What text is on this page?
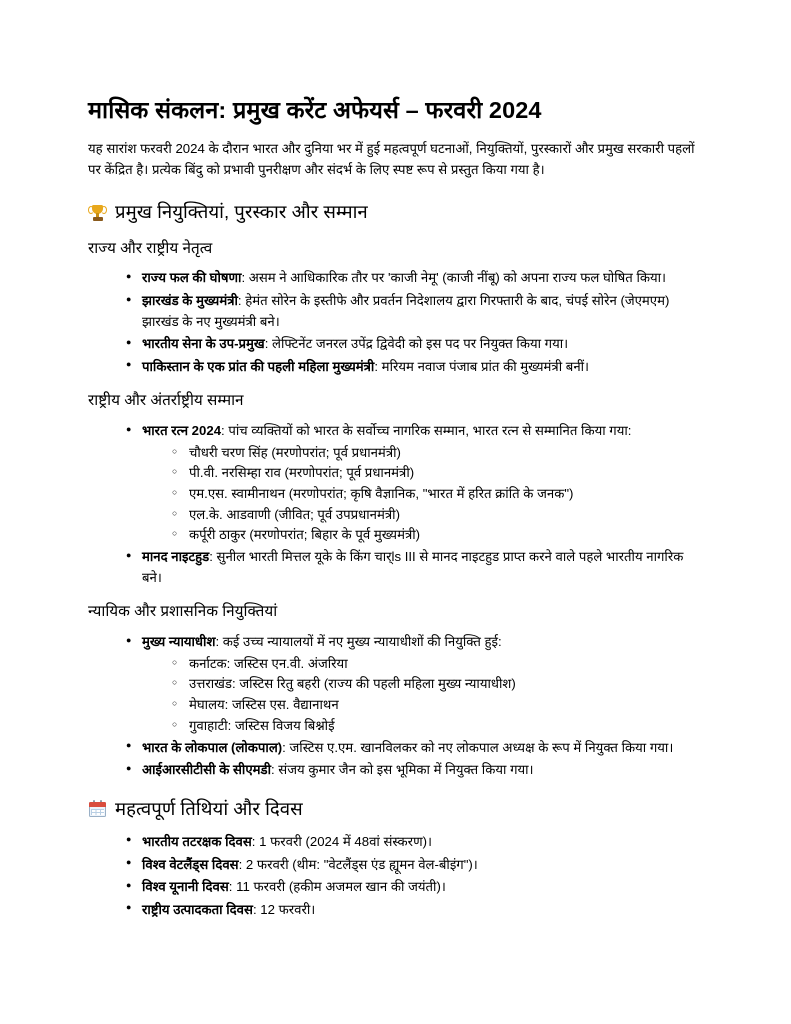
मासिक संकलन: प्रमुख करेंट अफेयर्स – फरवरी 2024

यह सारांश फरवरी 2024 के दौरान भारत और दुनिया भर में हुई महत्वपूर्ण घटनाओं, नियुक्तियों, पुरस्कारों और प्रमुख सरकारी पहलों पर केंद्रित है। प्रत्येक बिंदु को प्रभावी पुनरीक्षण और संदर्भ के लिए स्पष्ट रूप से प्रस्तुत किया गया है।

प्रमुख नियुक्तियां, पुरस्कार और सम्मान
राज्य और राष्ट्रीय नेतृत्व
● राज्य फल की घोषणा: असम ने आधिकारिक तौर पर 'काजी नेमू' (काजी नींबू) को अपना राज्य फल घोषित किया।
● झारखंड के मुख्यमंत्री: हेमंत सोरेन के इस्तीफे और प्रवर्तन निदेशालय द्वारा गिरफ्तारी के बाद, चंपई सोरेन (जेएमएम) झारखंड के नए मुख्यमंत्री बने।
● भारतीय सेना के उप-प्रमुख: लेफ्टिनेंट जनरल उपेंद्र द्विवेदी को इस पद पर नियुक्त किया गया।
● पाकिस्तान के एक प्रांत की पहली महिला मुख्यमंत्री: मरियम नवाज पंजाब प्रांत की मुख्यमंत्री बनीं।
राष्ट्रीय और अंतर्राष्ट्रीय सम्मान
● भारत रत्न 2024: पांच व्यक्तियों को भारत के सर्वोच्च नागरिक सम्मान, भारत रत्न से सम्मानित किया गया:
○ चौधरी चरण सिंह (मरणोपरांत; पूर्व प्रधानमंत्री)
○ पी.वी. नरसिम्हा राव (मरणोपरांत; पूर्व प्रधानमंत्री)
○ एम.एस. स्वामीनाथन (मरणोपरांत; कृषि वैज्ञानिक, "भारत में हरित क्रांति के जनक")
○ एल.के. आडवाणी (जीवित; पूर्व उपप्रधानमंत्री)
○ कर्पूरी ठाकुर (मरणोपरांत; बिहार के पूर्व मुख्यमंत्री)
● मानद नाइटहुड: सुनील भारती मित्तल यूके के किंग चार्ls III से मानद नाइटहुड प्राप्त करने वाले पहले भारतीय नागरिक बने।
न्यायिक और प्रशासनिक नियुक्तियां
● मुख्य न्यायाधीश: कई उच्च न्यायालयों में नए मुख्य न्यायाधीशों की नियुक्ति हुई:
○ कर्नाटक: जस्टिस एन.वी. अंजरिया
○ उत्तराखंड: जस्टिस रितु बहरी (राज्य की पहली महिला मुख्य न्यायाधीश)
○ मेघालय: जस्टिस एस. वैद्यानाथन
○ गुवाहाटी: जस्टिस विजय बिश्नोई
● भारत के लोकपाल (लोकपाल): जस्टिस ए.एम. खानविलकर को नए लोकपाल अध्यक्ष के रूप में नियुक्त किया गया।
● आईआरसीटीसी के सीएमडी: संजय कुमार जैन को इस भूमिका में नियुक्त किया गया।
महत्वपूर्ण तिथियां और दिवस
● भारतीय तटरक्षक दिवस: 1 फरवरी (2024 में 48वां संस्करण)।
● विश्व वेटलैंड्स दिवस: 2 फरवरी (थीम: "वेटलैंड्स एंड ह्यूमन वेल-बीइंग")।
● विश्व यूनानी दिवस: 11 फरवरी (हकीम अजमल खान की जयंती)।
● राष्ट्रीय उत्पादकता दिवस: 12 फरवरी।
